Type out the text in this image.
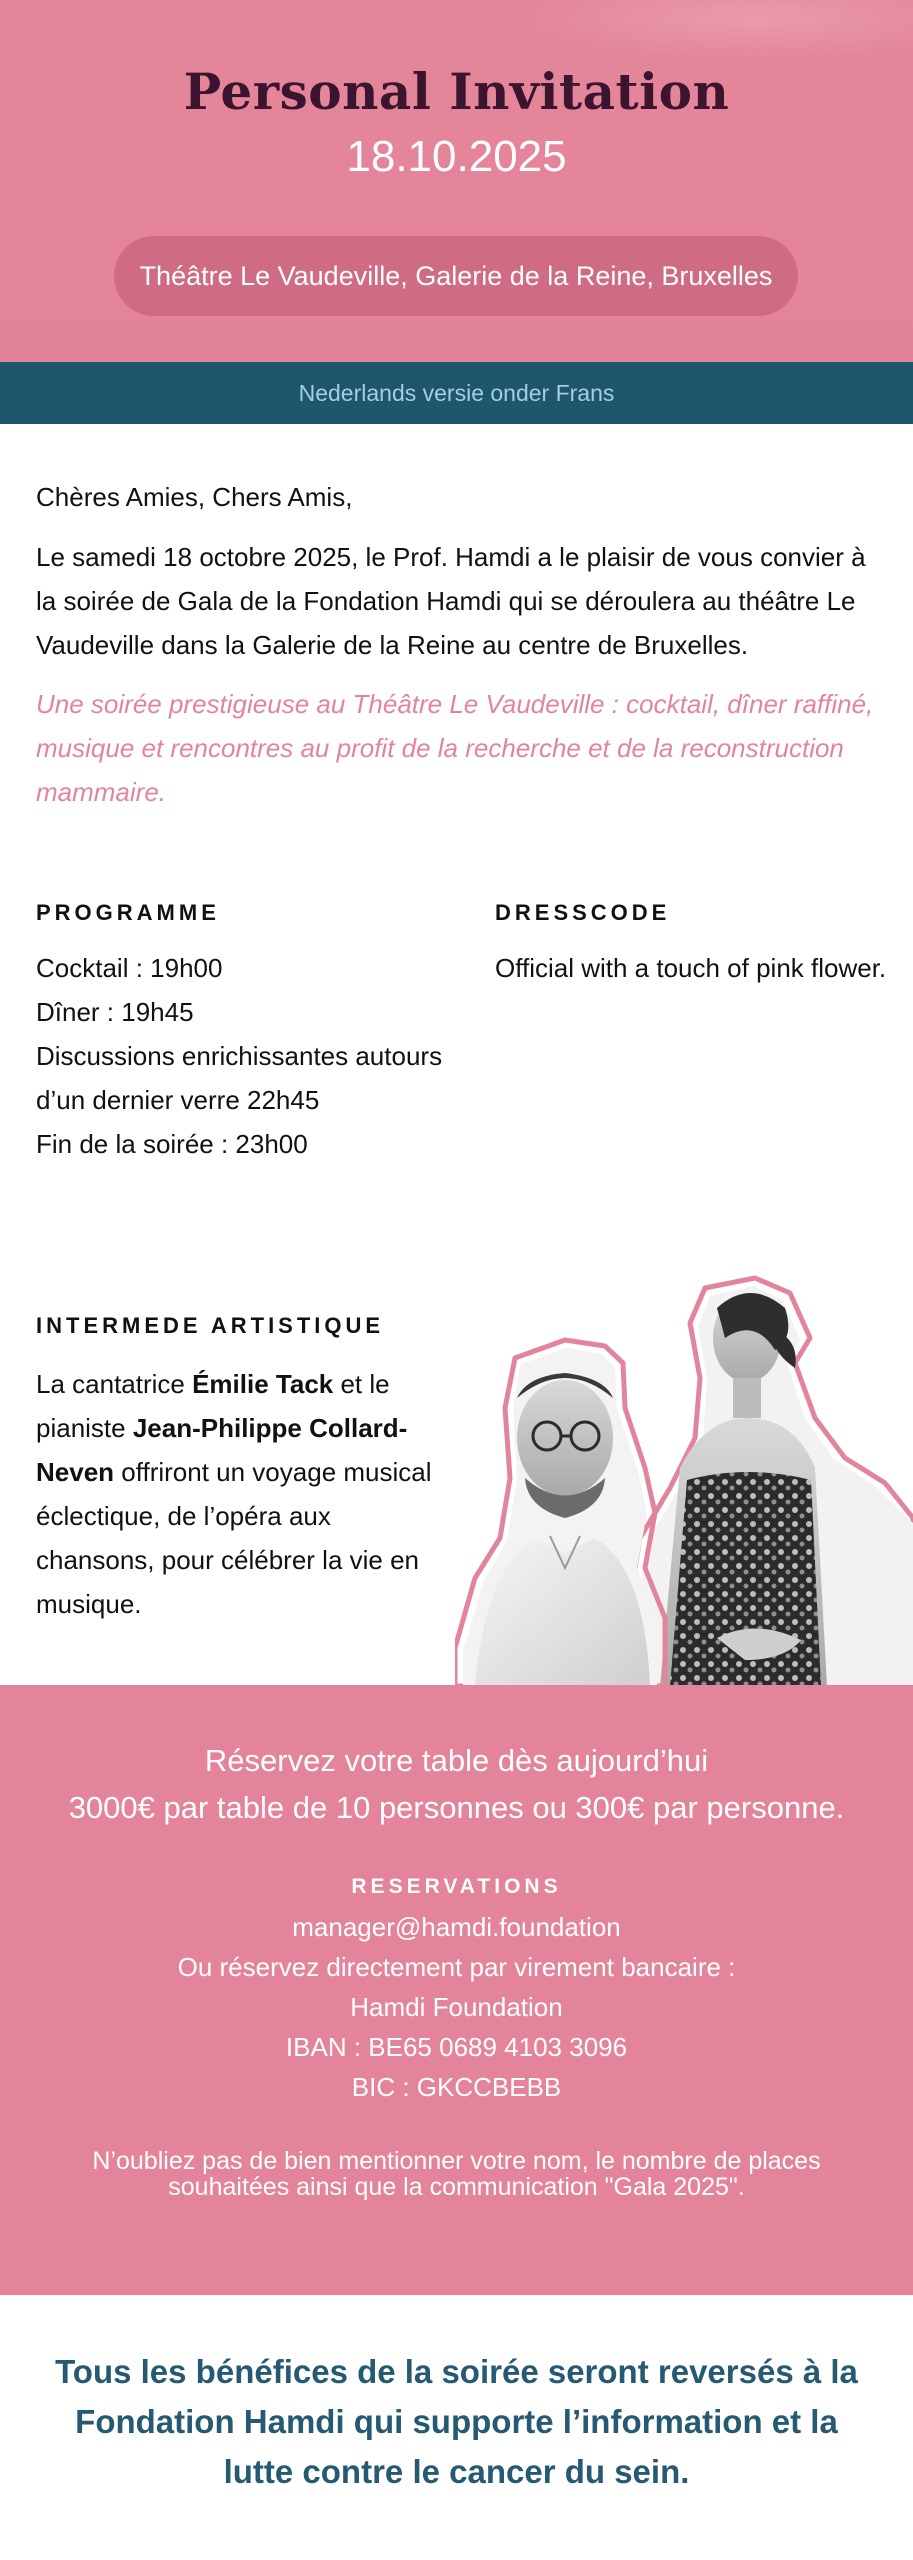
Personal Invitation
18.10.2025
Théâtre Le Vaudeville, Galerie de la Reine, Bruxelles
Nederlands versie onder Frans
Chères Amies, Chers Amis,
Le samedi 18 octobre 2025, le Prof. Hamdi a le plaisir de vous convier à la soirée de Gala de la Fondation Hamdi qui se déroulera au théâtre Le Vaudeville dans la Galerie de la Reine au centre de Bruxelles.
Une soirée prestigieuse au Théâtre Le Vaudeville : cocktail, dîner raffiné, musique et rencontres au profit de la recherche et de la reconstruction mammaire.
PROGRAMME
Cocktail : 19h00
Dîner : 19h45
Discussions enrichissantes autours d’un dernier verre 22h45
Fin de la soirée : 23h00
DRESSCODE
Official with a touch of pink flower.
INTERMEDE ARTISTIQUE
La cantatrice Émilie Tack et le pianiste Jean-Philippe Collard-Neven offriront un voyage musical éclectique, de l’opéra aux chansons, pour célébrer la vie en musique.
Réservez votre table dès aujourd’hui
3000€ par table de 10 personnes ou 300€ par personne.
RESERVATIONS
manager@hamdi.foundation
Ou réservez directement par virement bancaire :
Hamdi Foundation
IBAN : BE65 0689 4103 3096
BIC : GKCCBEBB
N’oubliez pas de bien mentionner votre nom, le nombre de places souhaitées ainsi que la communication "Gala 2025".
Tous les bénéfices de la soirée seront reversés à la Fondation Hamdi qui supporte l’information et la lutte contre le cancer du sein.
